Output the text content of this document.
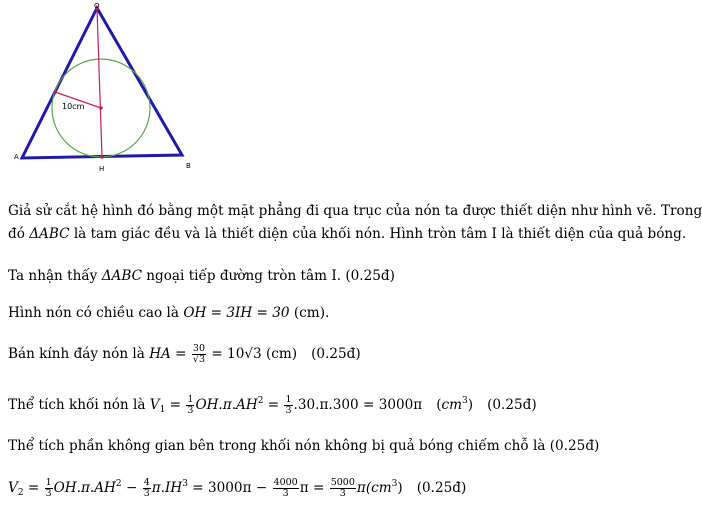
O
A
B
H
10cm
Giả sử cắt hệ hình đó bằng một mặt phẳng đi qua trục của nón ta được thiết diện như hình vẽ. Trong
đó ΔABC là tam giác đều và là thiết diện của khối nón. Hình tròn tâm I là thiết diện của quả bóng.
Ta nhận thấy ΔABC ngoại tiếp đường tròn tâm I. (0.25đ)
Hình nón có chiều cao là OH = 3IH = 30 (cm).
Bán kính đáy nón là HA = $\frac{30}{√3} = 10√3$ (cm) (0.25đ)
Thể tích khối nón là $V_1 = \frac{1}{3} OH.\pi.AH^2 = \frac{1}{3} .30.\pi.300 = 3000\pi$ $(cm^3)$ (0.25đ)
Thể tích phần không gian bên trong khối nón không bị quả bóng chiếm chỗ là (0.25đ)
$V_2 = \frac{1}{3} OH.\pi.AH^2 - \frac{4}{3} \pi.IH^3 = 3000\pi - \frac{4000}{3}$ $\pi = \frac{5000}{3} \pi(cm^3)$ (0.25đ)
